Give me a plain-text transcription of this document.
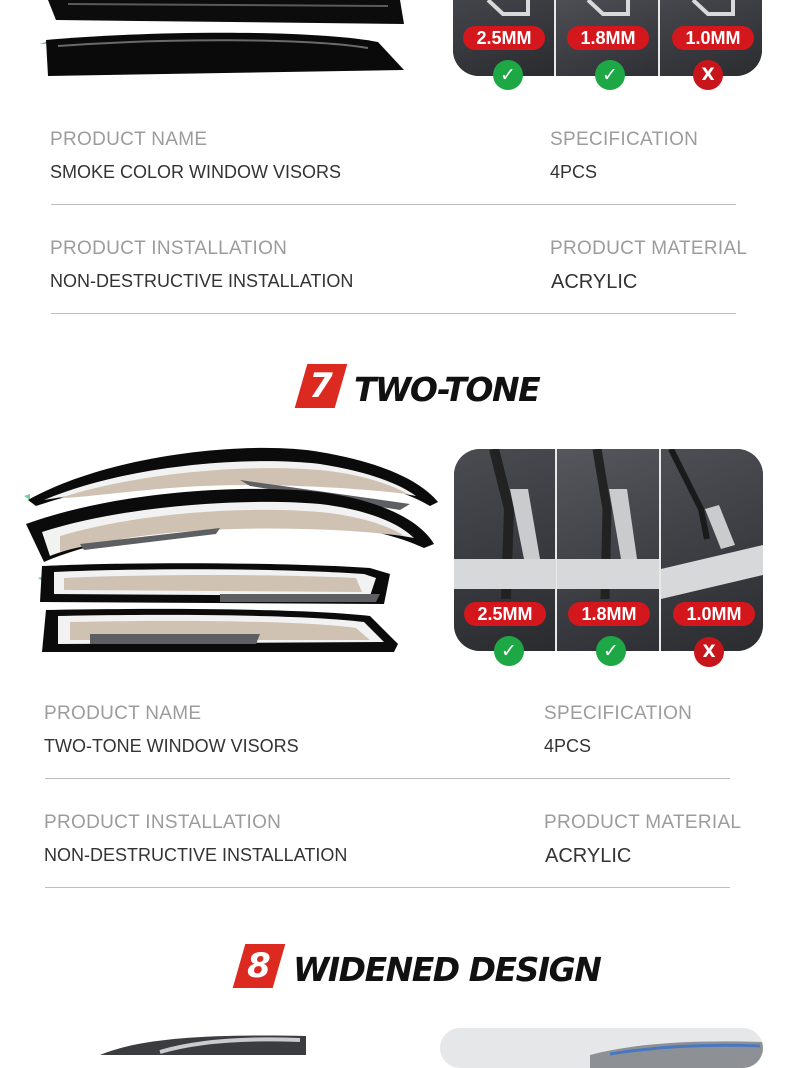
2.5MM	1.8MM	1.0MM
✓	✓	X
PRODUCT NAME
SMOKE COLOR WINDOW VISORS
SPECIFICATION
4PCS
PRODUCT INSTALLATION
NON-DESTRUCTIVE INSTALLATION
PRODUCT MATERIAL
ACRYLIC
7 TWO-TONE
2.5MM	1.8MM	1.0MM
✓	✓	X
PRODUCT NAME
TWO-TONE WINDOW VISORS
SPECIFICATION
4PCS
PRODUCT INSTALLATION
NON-DESTRUCTIVE INSTALLATION
PRODUCT MATERIAL
ACRYLIC
8 WIDENED DESIGN
